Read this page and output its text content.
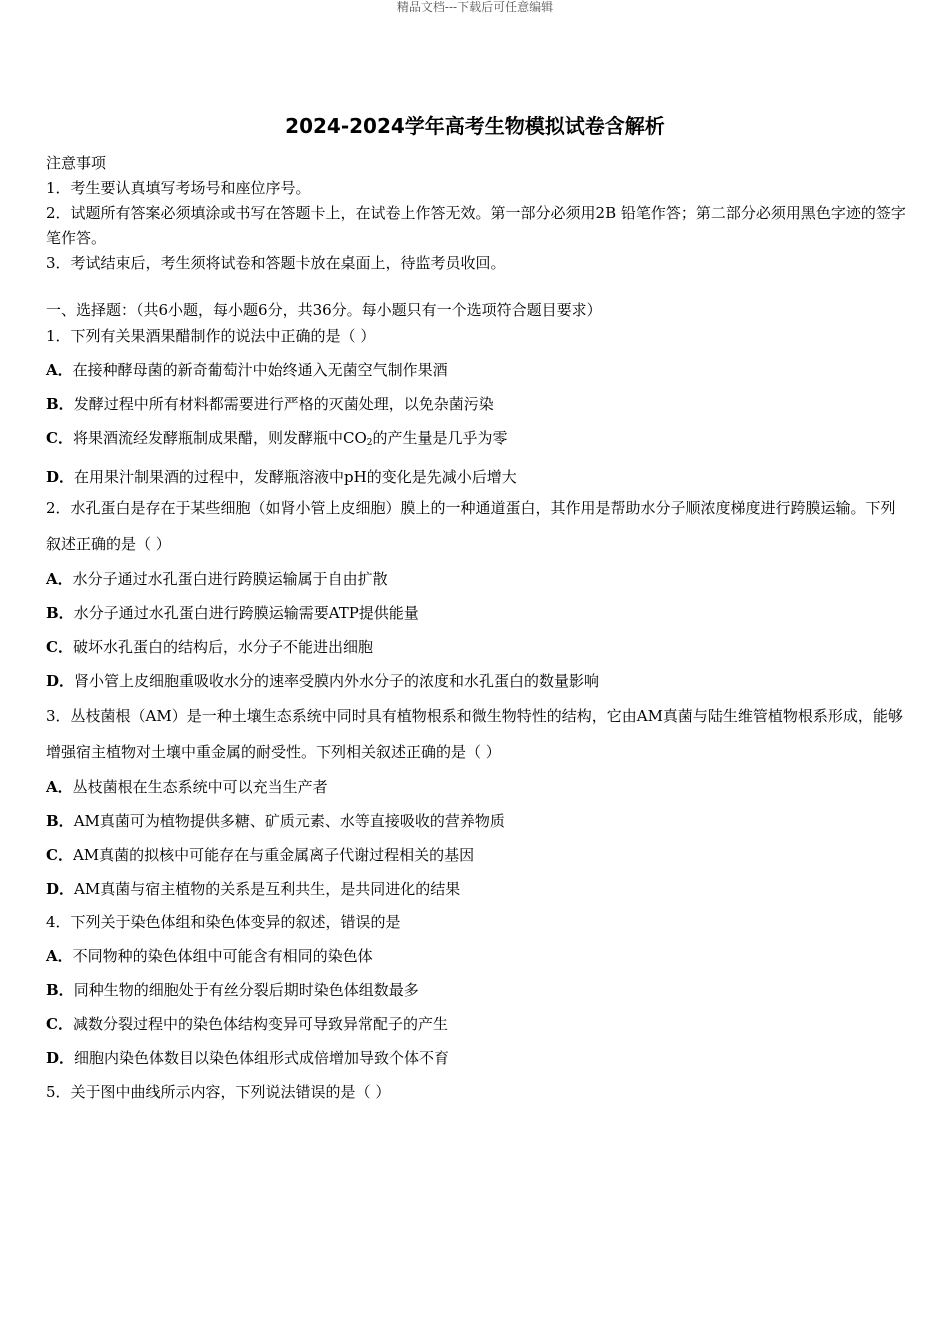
精品文档---下载后可任意编辑
2024-2024学年高考生物模拟试卷含解析

注意事项

1．考生要认真填写考场号和座位序号。

2．试题所有答案必须填涂或书写在答题卡上，在试卷上作答无效。第一部分必须用2B 铅笔作答；第二部分必须用黑色字迹的签字笔作答。

3．考试结束后，考生须将试卷和答题卡放在桌面上，待监考员收回。

一、选择题：（共6小题，每小题6分，共36分。每小题只有一个选项符合题目要求）

1．下列有关果酒果醋制作的说法中正确的是（ ）

A．在接种酵母菌的新奇葡萄汁中始终通入无菌空气制作果酒

B．发酵过程中所有材料都需要进行严格的灭菌处理，以免杂菌污染

C．将果酒流经发酵瓶制成果醋，则发酵瓶中$CO_2$的产生量是几乎为零

D．在用果汁制果酒的过程中，发酵瓶溶液中pH的变化是先减小后增大

2．水孔蛋白是存在于某些细胞（如肾小管上皮细胞）膜上的一种通道蛋白，其作用是帮助水分子顺浓度梯度进行跨膜运输。下列叙述正确的是（ ）

A．水分子通过水孔蛋白进行跨膜运输属于自由扩散

B．水分子通过水孔蛋白进行跨膜运输需要ATP提供能量

C．破坏水孔蛋白的结构后，水分子不能进出细胞

D．肾小管上皮细胞重吸收水分的速率受膜内外水分子的浓度和水孔蛋白的数量影响

3．丛枝菌根（AM）是一种土壤生态系统中同时具有植物根系和微生物特性的结构，它由AM真菌与陆生维管植物根系形成，能够增强宿主植物对土壤中重金属的耐受性。下列相关叙述正确的是（ ）

A．丛枝菌根在生态系统中可以充当生产者

B．AM真菌可为植物提供多糖、矿质元素、水等直接吸收的营养物质

C．AM真菌的拟核中可能存在与重金属离子代谢过程相关的基因

D．AM真菌与宿主植物的关系是互利共生，是共同进化的结果

4．下列关于染色体组和染色体变异的叙述，错误的是

A．不同物种的染色体组中可能含有相同的染色体

B．同种生物的细胞处于有丝分裂后期时染色体组数最多

C．减数分裂过程中的染色体结构变异可导致异常配子的产生

D．细胞内染色体数目以染色体组形式成倍增加导致个体不育

5．关于图中曲线所示内容，下列说法错误的是（ ）
